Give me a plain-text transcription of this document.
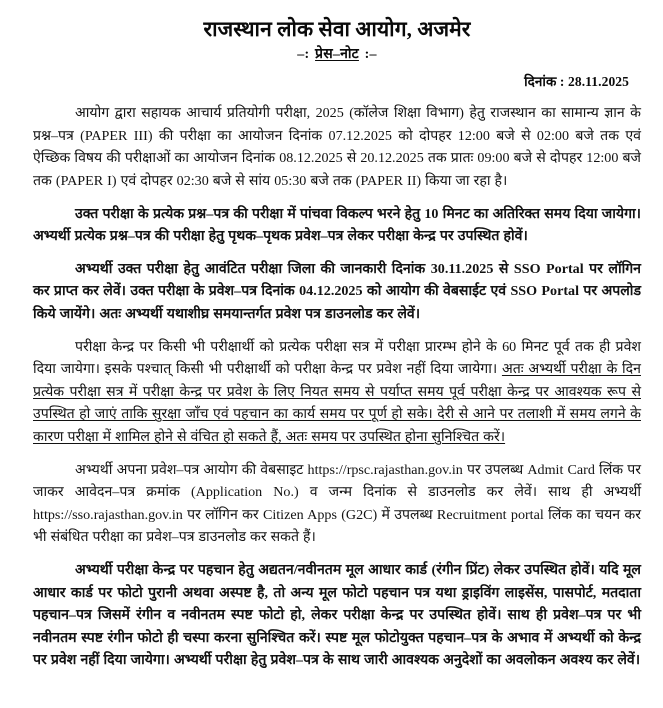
राजस्थान लोक सेवा आयोग, अजमेर
–: प्रेस–नोट :–
दिनांक : 28.11.2025

आयोग द्वारा सहायक आचार्य प्रतियोगी परीक्षा, 2025 (कॉलेज शिक्षा विभाग) हेतु राजस्थान का सामान्य ज्ञान के प्रश्न–पत्र (PAPER III) की परीक्षा का आयोजन दिनांक 07.12.2025 को दोपहर 12:00 बजे से 02:00 बजे तक एवं ऐच्छिक विषय की परीक्षाओं का आयोजन दिनांक 08.12.2025 से 20.12.2025 तक प्रातः 09:00 बजे से दोपहर 12:00 बजे तक (PAPER I) एवं दोपहर 02:30 बजे से सांय 05:30 बजे तक (PAPER II) किया जा रहा है।

उक्त परीक्षा के प्रत्येक प्रश्न–पत्र की परीक्षा में पांचवा विकल्प भरने हेतु 10 मिनट का अतिरिक्त समय दिया जायेगा। अभ्यर्थी प्रत्येक प्रश्न–पत्र की परीक्षा हेतु पृथक–पृथक प्रवेश–पत्र लेकर परीक्षा केन्द्र पर उपस्थित होवें।

अभ्यर्थी उक्त परीक्षा हेतु आवंटित परीक्षा जिला की जानकारी दिनांक 30.11.2025 से SSO Portal पर लॉगिन कर प्राप्त कर लेवें। उक्त परीक्षा के प्रवेश–पत्र दिनांक 04.12.2025 को आयोग की वेबसाईट एवं SSO Portal पर अपलोड किये जायेंगे। अतः अभ्यर्थी यथाशीघ्र समयान्तर्गत प्रवेश पत्र डाउनलोड कर लेवें।

परीक्षा केन्द्र पर किसी भी परीक्षार्थी को प्रत्येक परीक्षा सत्र में परीक्षा प्रारम्भ होने के 60 मिनट पूर्व तक ही प्रवेश दिया जायेगा। इसके पश्चात् किसी भी परीक्षार्थी को परीक्षा केन्द्र पर प्रवेश नहीं दिया जायेगा। अतः अभ्यर्थी परीक्षा के दिन प्रत्येक परीक्षा सत्र में परीक्षा केन्द्र पर प्रवेश के लिए नियत समय से पर्याप्त समय पूर्व परीक्षा केन्द्र पर आवश्यक रूप से उपस्थित हो जाएं ताकि सुरक्षा जाँच एवं पहचान का कार्य समय पर पूर्ण हो सके। देरी से आने पर तलाशी में समय लगने के कारण परीक्षा में शामिल होने से वंचित हो सकते हैं, अतः समय पर उपस्थित होना सुनिश्चित करें।

अभ्यर्थी अपना प्रवेश–पत्र आयोग की वेबसाइट https://rpsc.rajasthan.gov.in पर उपलब्ध Admit Card लिंक पर जाकर आवेदन–पत्र क्रमांक (Application No.) व जन्म दिनांक से डाउनलोड कर लेवें। साथ ही अभ्यर्थी https://sso.rajasthan.gov.in पर लॉगिन कर Citizen Apps (G2C) में उपलब्ध Recruitment portal लिंक का चयन कर भी संबंधित परीक्षा का प्रवेश–पत्र डाउनलोड कर सकते हैं।

अभ्यर्थी परीक्षा केन्द्र पर पहचान हेतु अद्यतन/नवीनतम मूल आधार कार्ड (रंगीन प्रिंट) लेकर उपस्थित होवें। यदि मूल आधार कार्ड पर फोटो पुरानी अथवा अस्पष्ट है, तो अन्य मूल फोटो पहचान पत्र यथा ड्राइविंग लाइसेंस, पासपोर्ट, मतदाता पहचान–पत्र जिसमें रंगीन व नवीनतम स्पष्ट फोटो हो, लेकर परीक्षा केन्द्र पर उपस्थित होवें। साथ ही प्रवेश–पत्र पर भी नवीनतम स्पष्ट रंगीन फोटो ही चस्पा करना सुनिश्चित करें। स्पष्ट मूल फोटोयुक्त पहचान–पत्र के अभाव में अभ्यर्थी को केन्द्र पर प्रवेश नहीं दिया जायेगा। अभ्यर्थी परीक्षा हेतु प्रवेश–पत्र के साथ जारी आवश्यक अनुदेशों का अवलोकन अवश्य कर लेवें।
